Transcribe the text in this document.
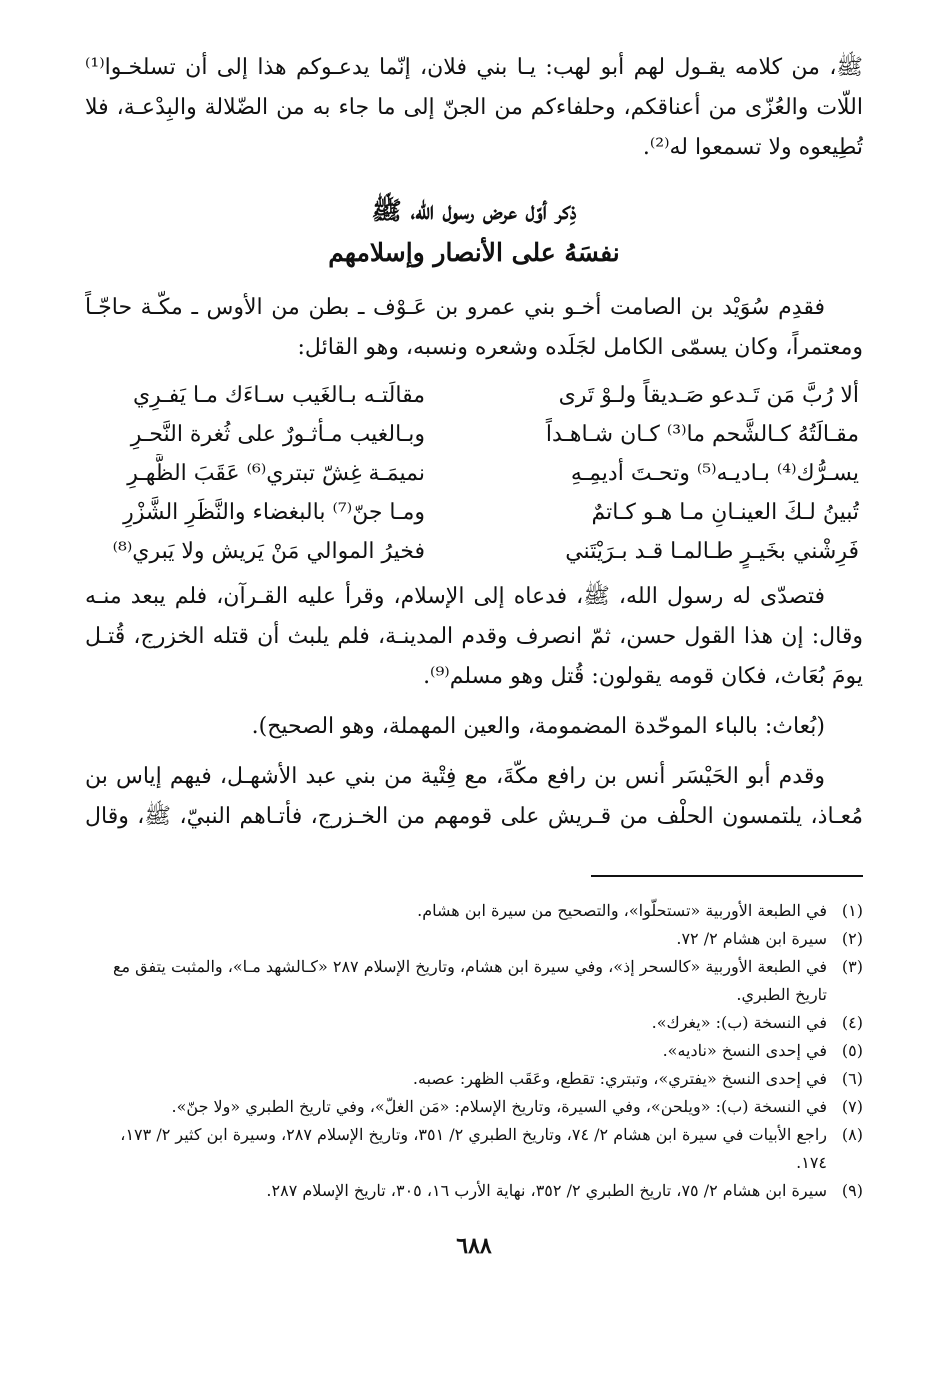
ﷺ، من كلامه يقـول لهم أبو لهب: يـا بني فلان، إنّما يدعـوكم هذا إلى أن تسلخـوا⁽¹⁾
اللّات والعُزّى من أعناقكم، وحلفاءكم من الجنّ إلى ما جاء به من الضّلالة والبِدْعـة، فلا
تُطِيعوه ولا تسمعوا له⁽²⁾.

ذِكر أوّل عرض رسول الله، ﷺ
نفسَهُ على الأنصار وإسلامهم

فقدِم سُوَيْد بن الصامت أخـو بني عمرو بن عَـوْف ـ بطن من الأوس ـ مكّـة حاجّـاً
ومعتمراً، وكان يسمّى الكامل لجَلَده وشعره ونسبه، وهو القائل:

ألا رُبَّ مَن تَـدعو صَـديقاً ولـوْ تَرى
مقالَتـه بـالغَيب سـاءَك مـا يَفـرِي
مقـالَتُهُ كـالشَّحم ما⁽³⁾ كـان شـاهـداً
وبـالغيب مـأثـورٌ على ثُغرة النَّحـرِ
يسـرُّك⁽⁴⁾ بـاديـه⁽⁵⁾ وتحـتَ أديمِـهِ
نميمَـة غِشّ تبتري⁽⁶⁾ عَقَبَ الظَّهـرِ
تُبينُ لـكَ العينـانِ مـا هـو كـاتمٌ
ومـا جنّ⁽⁷⁾ بالبغضاء والنَّظَرِ الشَّزْرِ
فَرِشْني بخَيـرٍ طـالمـا قـد بـرَيْتَني
فخيرُ الموالي مَنْ يَريش ولا يَبري⁽⁸⁾

فتصدّى له رسول الله، ﷺ، فدعاه إلى الإسلام، وقرأ عليه القـرآن، فلم يبعد منـه
وقال: إن هذا القول حسن، ثمّ انصرف وقدم المدينـة، فلم يلبث أن قتله الخزرج، قُتـل
يومَ بُعَاث، فكان قومه يقولون: قُتل وهو مسلم⁽⁹⁾.

(بُعاث: بالباء الموحّدة المضمومة، والعين المهملة، وهو الصحيح).

وقدم أبو الحَيْسَر أنس بن رافع مكّةَ، مع فِتْية من بني عبد الأشهـل، فيهم إياس بن
مُعـاذ، يلتمسون الحلْف من قـريش على قومهم من الخـزرج، فأتـاهم النبيّ، ﷺ، وقال

(١)
في الطبعة الأوربية «تستحلّوا»، والتصحيح من سيرة ابن هشام.
(٢)
سيرة ابن هشام ٢/ ٧٢.
(٣)
في الطبعة الأوربية «كالسحر إذ»، وفي سيرة ابن هشام، وتاريخ الإسلام ٢٨٧ «كـالشهد مـا»، والمثبت يتفق مع تاريخ الطبري.
(٤)
في النسخة (ب): «يغرك».
(٥)
في إحدى النسخ «ناديه».
(٦)
في إحدى النسخ «يفتري»، وتبتري: تقطع، وعَقَب الظهر: عصبه.
(٧)
في النسخة (ب): «ويلحن»، وفي السيرة، وتاريخ الإسلام: «مَن الغلّ»، وفي تاريخ الطبري «ولا جنّ».
(٨)
راجع الأبيات في سيرة ابن هشام ٢/ ٧٤، وتاريخ الطبري ٢/ ٣٥١، وتاريخ الإسلام ٢٨٧، وسيرة ابن كثير ٢/ ١٧٣، ١٧٤.
(٩)
سيرة ابن هشام ٢/ ٧٥، تاريخ الطبري ٢/ ٣٥٢، نهاية الأرب ١٦، ٣٠٥، تاريخ الإسلام ٢٨٧.
٦٨٨
